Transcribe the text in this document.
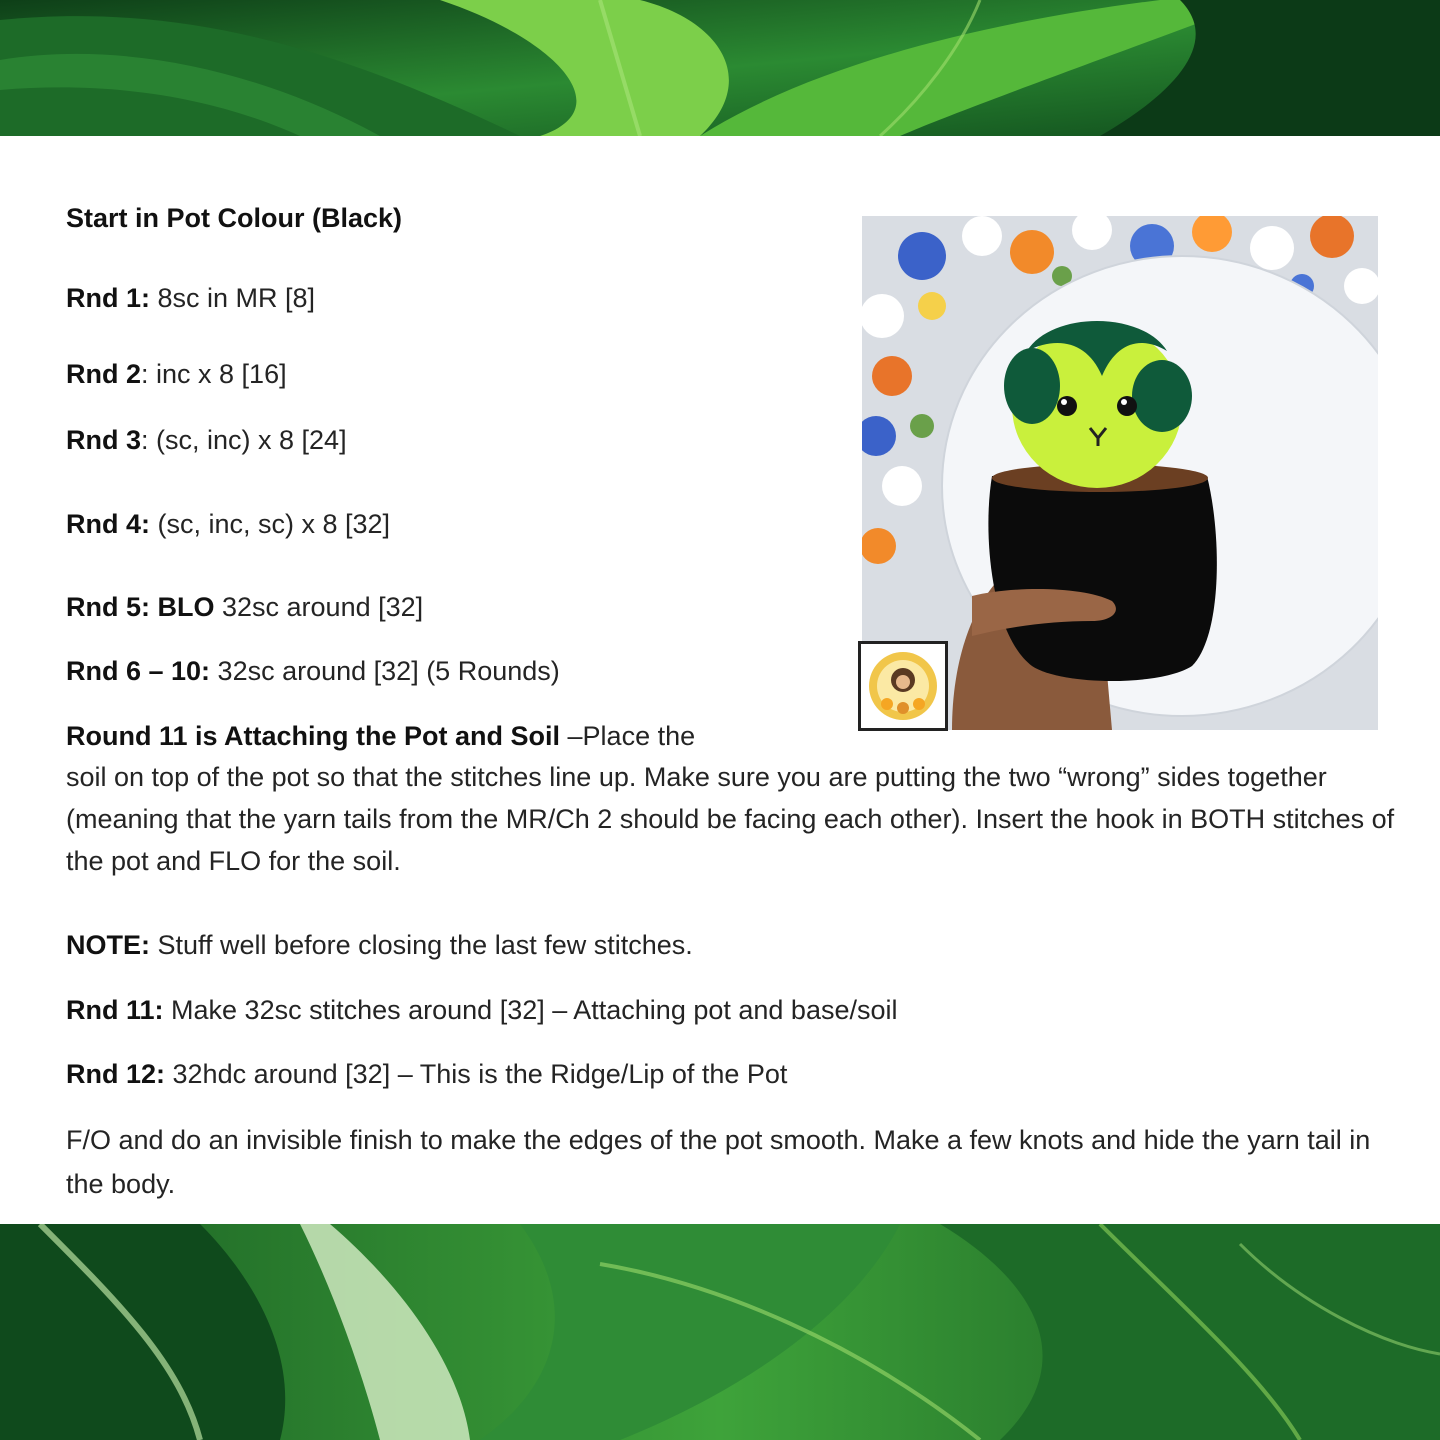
Start in Pot Colour (Black)
Rnd 1: 8sc in MR [8]
Rnd 2: inc x 8 [16]
Rnd 3: (sc, inc) x 8 [24]
Rnd 4: (sc, inc, sc) x 8 [32]
Rnd 5: BLO 32sc around [32]
Rnd 6 – 10: 32sc around [32] (5 Rounds)
Round 11 is Attaching the Pot and Soil –Place the
soil on top of the pot so that the stitches line up. Make sure you are putting the two “wrong” sides together (meaning that the yarn tails from the MR/Ch 2 should be facing each other). Insert the hook in BOTH stitches of the pot and FLO for the soil.
NOTE: Stuff well before closing the last few stitches.
Rnd 11: Make 32sc stitches around [32] – Attaching pot and base/soil
Rnd 12: 32hdc around [32] – This is the Ridge/Lip of the Pot
F/O and do an invisible finish to make the edges of the pot smooth. Make a few knots and hide the yarn tail in the body.
